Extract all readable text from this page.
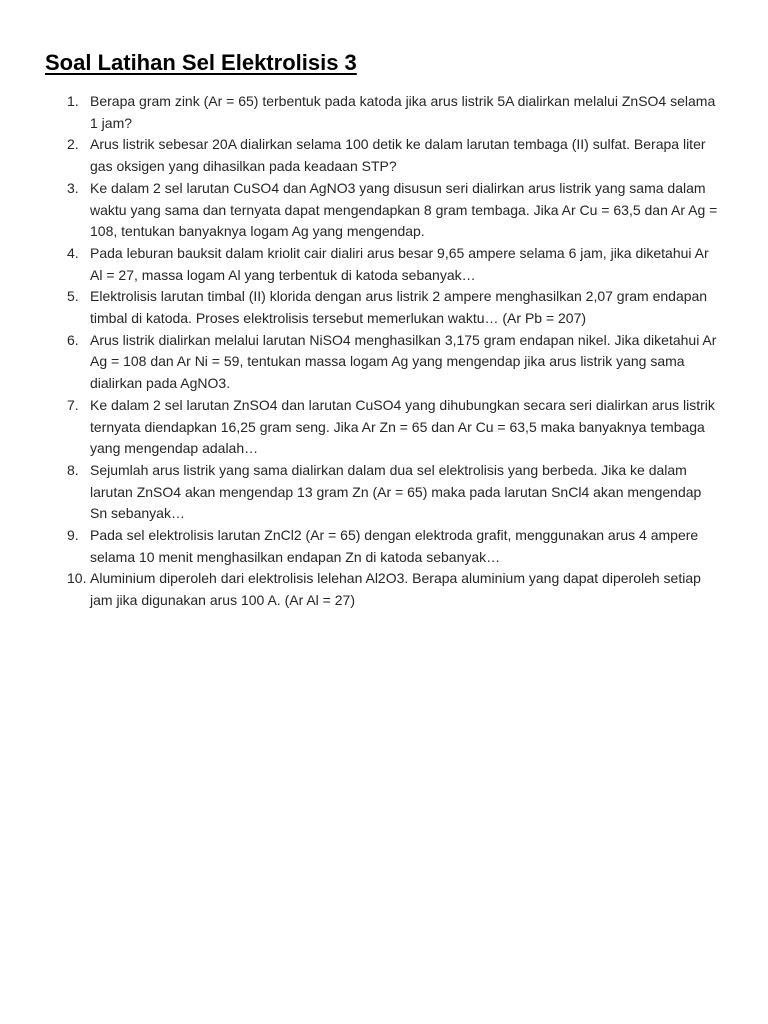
Soal Latihan Sel Elektrolisis 3
1. Berapa gram zink (Ar = 65) terbentuk pada katoda jika arus listrik 5A dialirkan melalui ZnSO4 selama 1 jam?
2. Arus listrik sebesar 20A dialirkan selama 100 detik ke dalam larutan tembaga (II) sulfat. Berapa liter gas oksigen yang dihasilkan pada keadaan STP?
3. Ke dalam 2 sel larutan CuSO4 dan AgNO3 yang disusun seri dialirkan arus listrik yang sama dalam waktu yang sama dan ternyata dapat mengendapkan 8 gram tembaga. Jika Ar Cu = 63,5 dan Ar Ag = 108, tentukan banyaknya logam Ag yang mengendap.
4. Pada leburan bauksit dalam kriolit cair dialiri arus besar 9,65 ampere selama 6 jam, jika diketahui Ar Al = 27, massa logam Al yang terbentuk di katoda sebanyak…
5. Elektrolisis larutan timbal (II) klorida dengan arus listrik 2 ampere menghasilkan 2,07 gram endapan timbal di katoda. Proses elektrolisis tersebut memerlukan waktu… (Ar Pb = 207)
6. Arus listrik dialirkan melalui larutan NiSO4 menghasilkan 3,175 gram endapan nikel. Jika diketahui Ar Ag = 108 dan Ar Ni = 59, tentukan massa logam Ag yang mengendap jika arus listrik yang sama dialirkan pada AgNO3.
7. Ke dalam 2 sel larutan ZnSO4 dan larutan CuSO4 yang dihubungkan secara seri dialirkan arus listrik ternyata diendapkan 16,25 gram seng. Jika Ar Zn = 65 dan Ar Cu = 63,5 maka banyaknya tembaga yang mengendap adalah…
8. Sejumlah arus listrik yang sama dialirkan dalam dua sel elektrolisis yang berbeda. Jika ke dalam larutan ZnSO4 akan mengendap 13 gram Zn (Ar = 65) maka pada larutan SnCl4 akan mengendap Sn sebanyak…
9. Pada sel elektrolisis larutan ZnCl2 (Ar = 65) dengan elektroda grafit, menggunakan arus 4 ampere selama 10 menit menghasilkan endapan Zn di katoda sebanyak…
10. Aluminium diperoleh dari elektrolisis lelehan Al2O3. Berapa aluminium yang dapat diperoleh setiap jam jika digunakan arus 100 A. (Ar Al = 27)
